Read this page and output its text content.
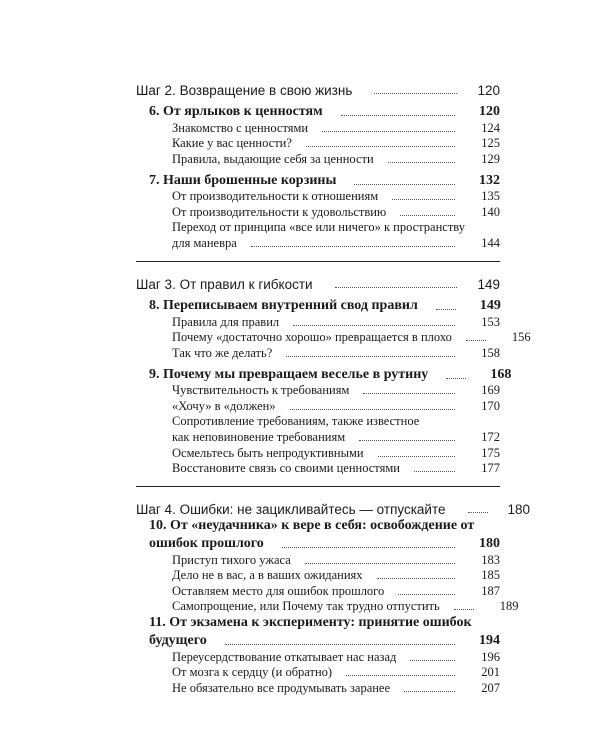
Шаг 2. Возвращение в свою жизнь	120
6. От ярлыков к ценностям	120
Знакомство с ценностями	124
Какие у вас ценности?	125
Правила, выдающие себя за ценности	129
7. Наши брошенные корзины	132
От производительности к отношениям	135
От производительности к удовольствию	140
Переход от принципа «все или ничего» к пространству
для маневра	144
Шаг 3. От правил к гибкости	149
8. Переписываем внутренний свод правил	149
Правила для правил	153
Почему «достаточно хорошо» превращается в плохо	156
Так что же делать?	158
9. Почему мы превращаем веселье в рутину	168
Чувствительность к требованиям	169
«Хочу» в «должен»	170
Сопротивление требованиям, также известное
как неповиновение требованиям	172
Осмельтесь быть непродуктивными	175
Восстановите связь со своими ценностями	177
Шаг 4. Ошибки: не зацикливайтесь — отпускайте	180
10. От «неудачника» к вере в себя: освобождение от
ошибок прошлого	180
Приступ тихого ужаса	183
Дело не в вас, а в ваших ожиданиях	185
Оставляем место для ошибок прошлого	187
Самопрощение, или Почему так трудно отпустить	189
11. От экзамена к эксперименту: принятие ошибок
будущего	194
Переусердствование откатывает нас назад	196
От мозга к сердцу (и обратно)	201
Не обязательно все продумывать заранее	207
